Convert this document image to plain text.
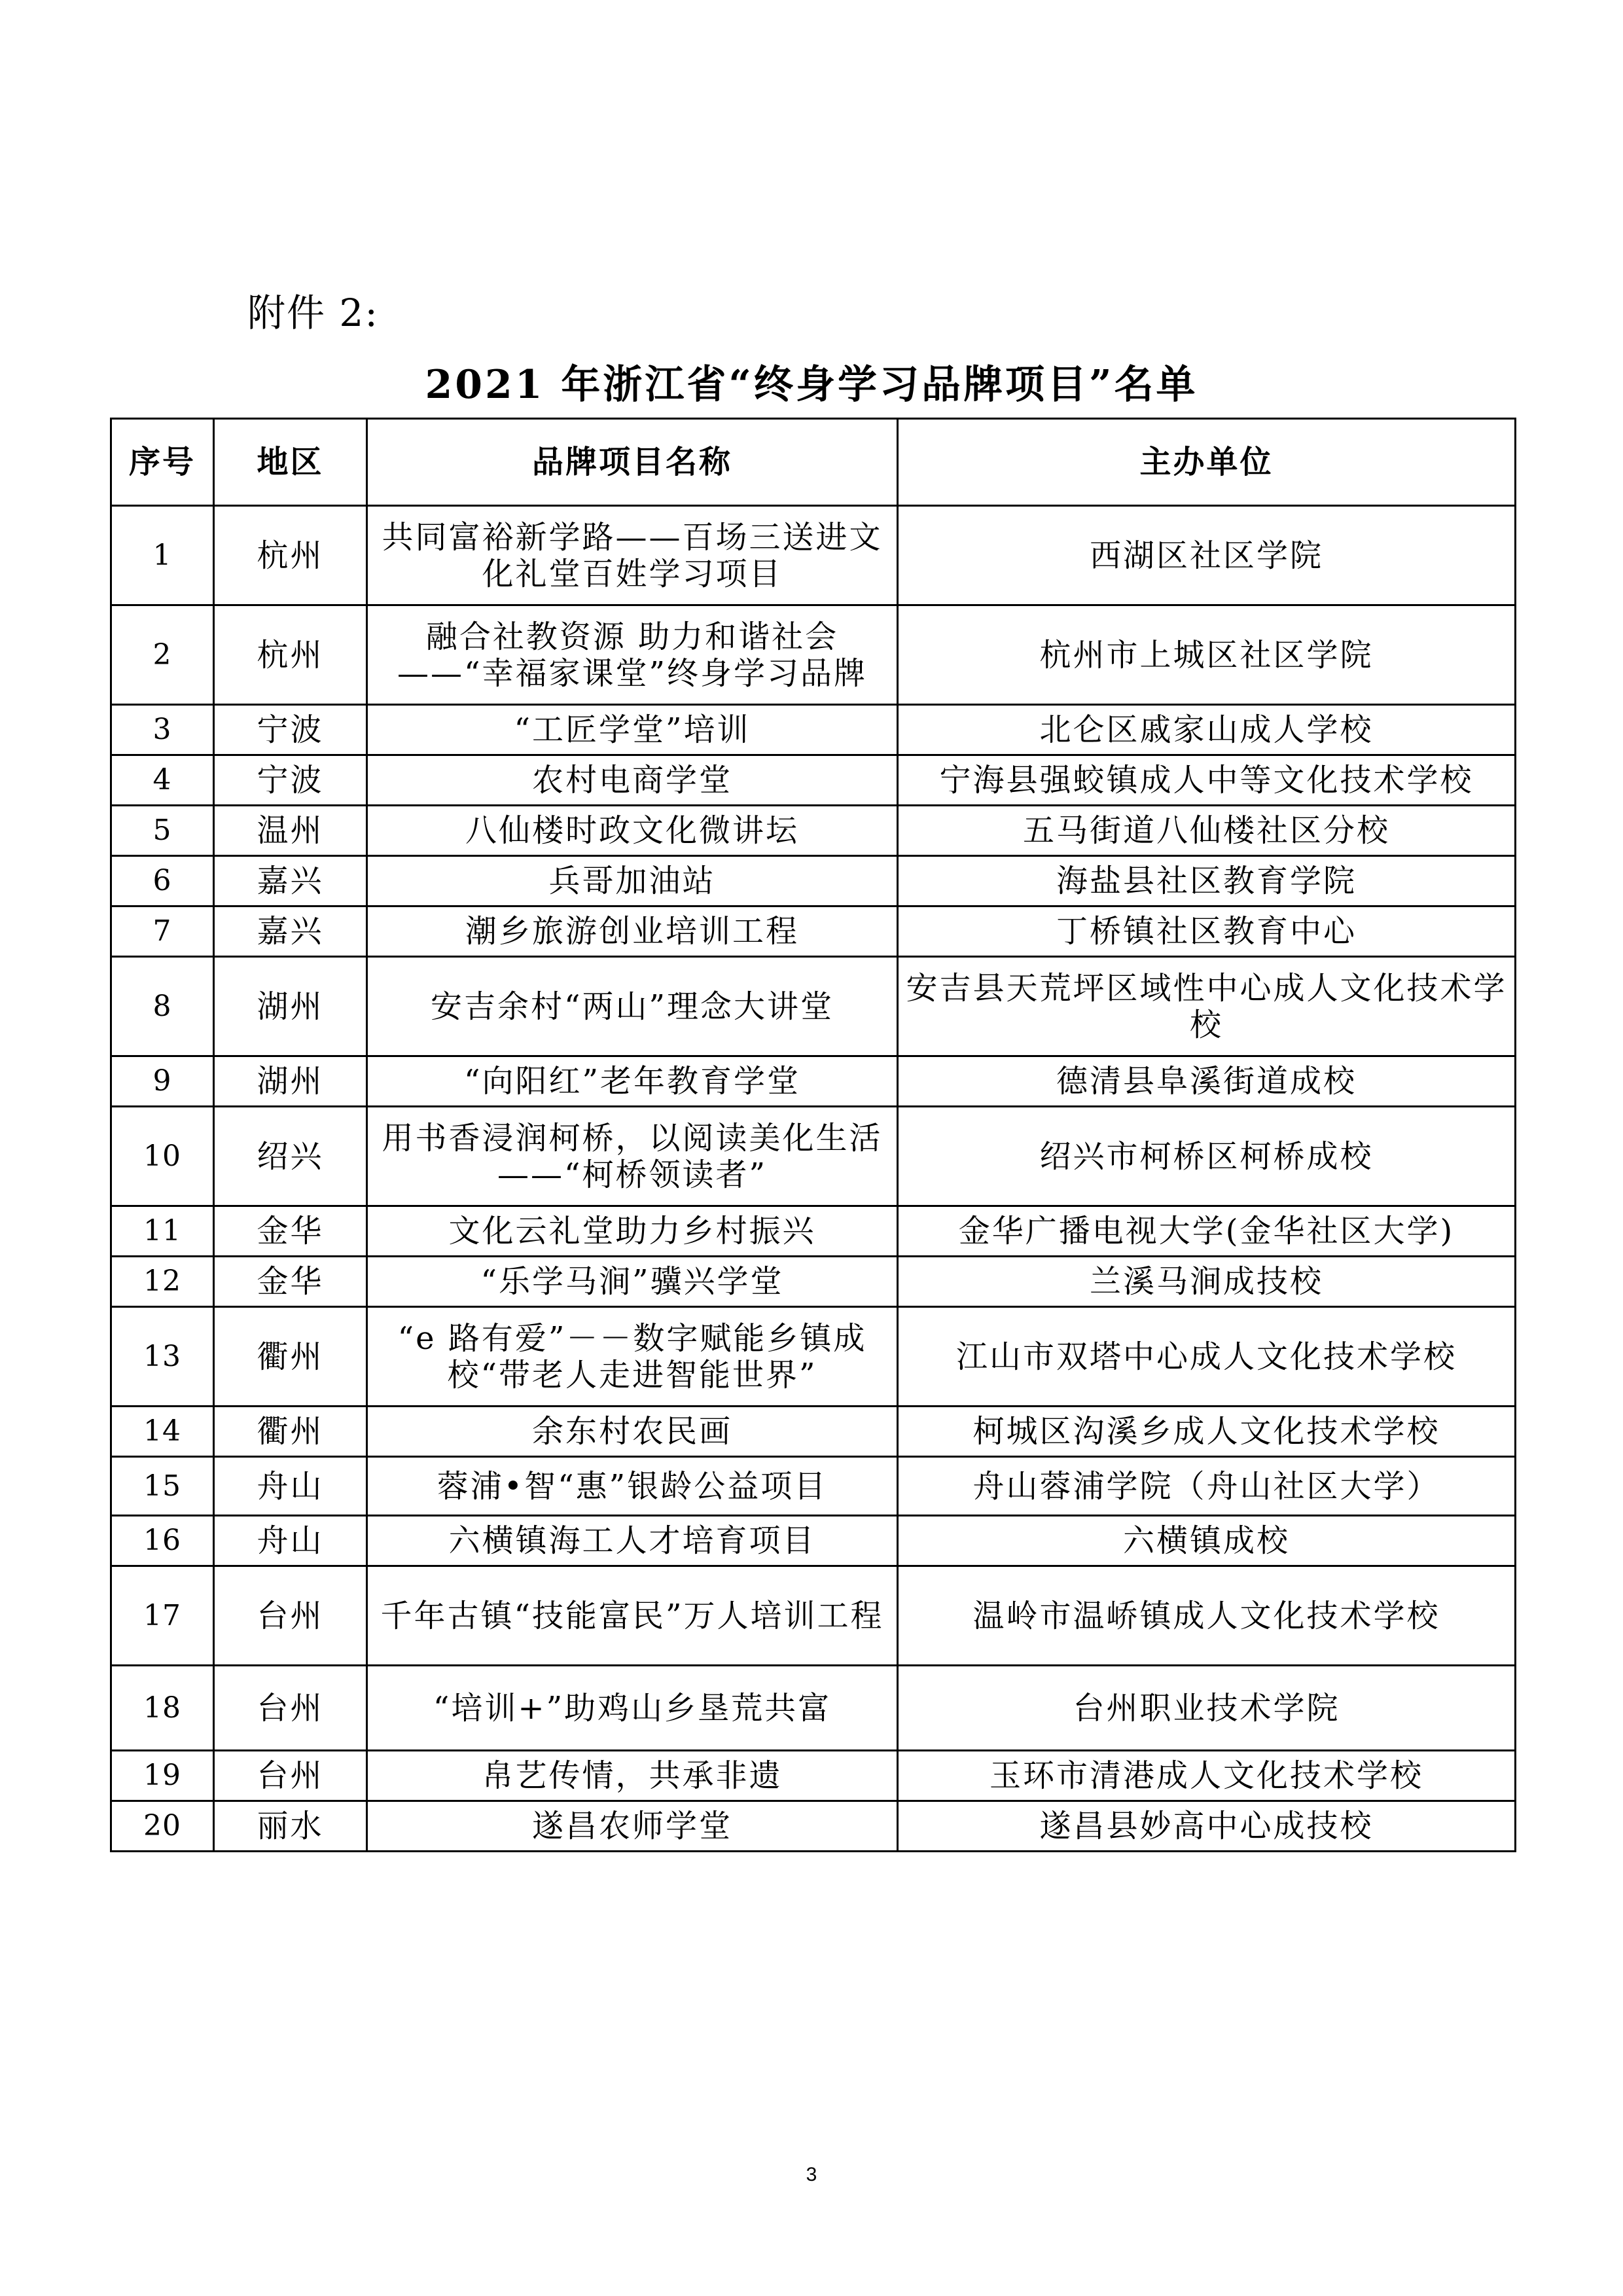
附件 2:
2021 年浙江省“终身学习品牌项目”名单
序号	地区	品牌项目名称	主办单位
1	杭州	共同富裕新学路——百场三送进文化礼堂百姓学习项目	西湖区社区学院
2	杭州	融合社教资源 助力和谐社会——“幸福家课堂”终身学习品牌	杭州市上城区社区学院
3	宁波	“工匠学堂”培训	北仑区戚家山成人学校
4	宁波	农村电商学堂	宁海县强蛟镇成人中等文化技术学校
5	温州	八仙楼时政文化微讲坛	五马街道八仙楼社区分校
6	嘉兴	兵哥加油站	海盐县社区教育学院
7	嘉兴	潮乡旅游创业培训工程	丁桥镇社区教育中心
8	湖州	安吉余村“两山”理念大讲堂	安吉县天荒坪区域性中心成人文化技术学校
9	湖州	“向阳红”老年教育学堂	德清县阜溪街道成校
10	绍兴	用书香浸润柯桥，以阅读美化生活——“柯桥领读者”	绍兴市柯桥区柯桥成校
11	金华	文化云礼堂助力乡村振兴	金华广播电视大学(金华社区大学)
12	金华	“乐学马涧”骥兴学堂	兰溪马涧成技校
13	衢州	“e 路有爱”－－数字赋能乡镇成校“带老人走进智能世界”	江山市双塔中心成人文化技术学校
14	衢州	余东村农民画	柯城区沟溪乡成人文化技术学校
15	舟山	蓉浦•智“惠”银龄公益项目	舟山蓉浦学院（舟山社区大学）
16	舟山	六横镇海工人才培育项目	六横镇成校
17	台州	千年古镇“技能富民”万人培训工程	温岭市温峤镇成人文化技术学校
18	台州	“培训+”助鸡山乡垦荒共富	台州职业技术学院
19	台州	帛艺传情，共承非遗	玉环市清港成人文化技术学校
20	丽水	遂昌农师学堂	遂昌县妙高中心成技校
3
